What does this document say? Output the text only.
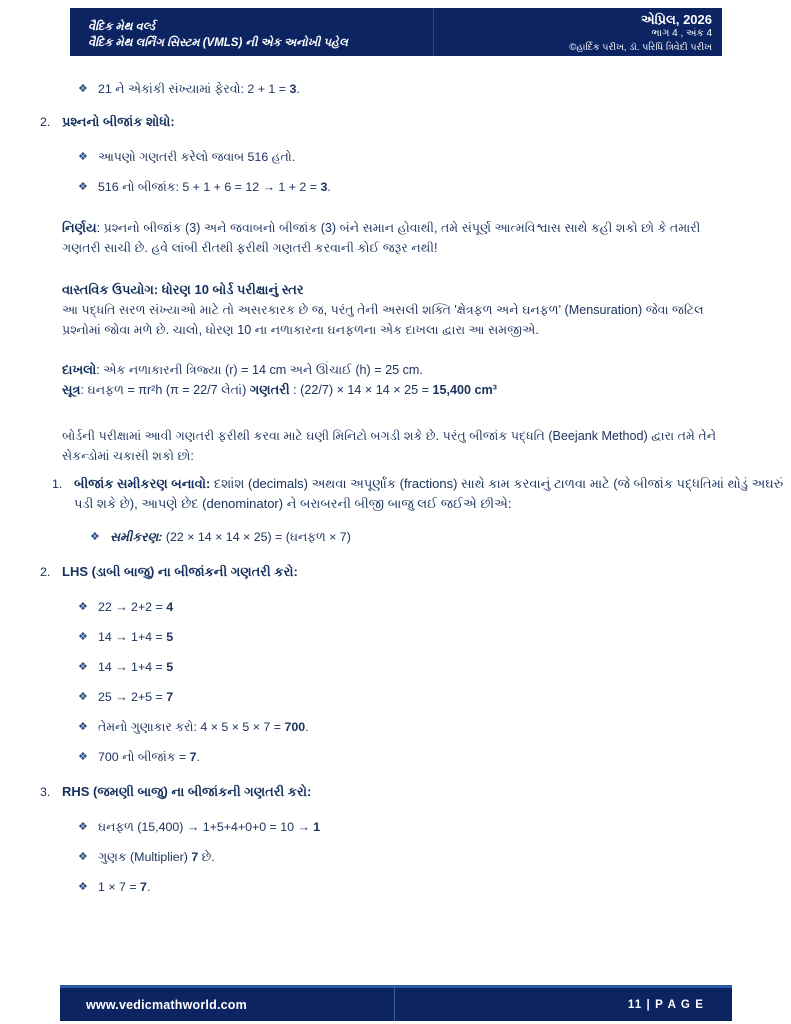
વૈદિક મેથ વર્લ્ડ
વૈદિક મેથ લર્નિંગ સિસ્ટમ (VMLS) ની એક અનોખી પહેલ
એપ્રિલ, 2026
ભાગ 4 , અંક 4
©હાર્દિક પરીખ, ડૉ. પરિધિ ત્રિવેદી પરીખ
❖ 21 ને એકાંકી સંખ્યામાં ફેરવો: 2 + 1 = 3.
2. પ્રશ્નનો બીજાંક શોધો:
❖ આપણો ગણતરી કરેલો જવાબ 516 હતો.
❖ 516 નો બીજાંક: 5 + 1 + 6 = 12 → 1 + 2 = 3.

નિર્ણય: પ્રશ્નનો બીજાંક (3) અને જવાબનો બીજાંક (3) બંને સમાન હોવાથી, તમે સંપૂર્ણ આત્મવિશ્વાસ સાથે કહી શકો છો કે તમારી ગણતરી સાચી છે. હવે લાંબી રીતથી ફરીથી ગણતરી કરવાની કોઈ જરૂર નથી!

વાસ્તવિક ઉપયોગ: ધોરણ 10 બોર્ડ પરીક્ષાનું સ્તર

આ પદ્ધતિ સરળ સંખ્યાઓ માટે તો અસરકારક છે જ, પરંતુ તેની અસલી શક્તિ 'ક્ષેત્રફળ અને ઘનફળ' (Mensuration) જેવા જટિલ પ્રશ્નોમાં જોવા મળે છે. ચાલો, ધોરણ 10 ના નળાકારના ઘનફળના એક દાખલા દ્વારા આ સમજીએ.

દાખલો: એક નળાકારની ત્રિજ્યા (r) = 14 cm અને ઊંચાઈ (h) = 25 cm.

સૂત્ર: ઘનફળ = πr²h (π = 22/7 લેતાં) ગણતરી : (22/7) × 14 × 14 × 25 = 15,400 cm³

બોર્ડની પરીક્ષામાં આવી ગણતરી ફરીથી કરવા માટે ઘણી મિનિટો બગડી શકે છે. પરંતુ બીજાંક પદ્ધતિ (Beejank Method) દ્વારા તમે તેને સેકન્ડોમાં ચકાસી શકો છો:

1. બીજાંક સમીકરણ બનાવો: દશાંશ (decimals) અથવા અપૂર્ણાંક (fractions) સાથે કામ કરવાનું ટાળવા માટે (જે બીજાંક પદ્ધતિમાં થોડું અઘરું પડી શકે છે), આપણે છેદ (denominator) ને બરાબરની બીજી બાજુ લઈ જઈએ છીએ:
❖ સમીકરણ: (22 × 14 × 14 × 25) = (ઘનફળ × 7)
2. LHS (ડાબી બાજુ) ના બીજાંકની ગણતરી કરો:
❖ 22 → 2+2 = 4
❖ 14 → 1+4 = 5
❖ 14 → 1+4 = 5
❖ 25 → 2+5 = 7
❖ તેમનો ગુણાકાર કરો: 4 × 5 × 5 × 7 = 700.
❖ 700 નો બીજાંક = 7.
3. RHS (જમણી બાજુ) ના બીજાંકની ગણતરી કરો:
❖ ઘનફળ (15,400) → 1+5+4+0+0 = 10 → 1
❖ ગુણક (Multiplier) 7 છે.
❖ 1 × 7 = 7.
www.vedicmathworld.com	11 | P A G E
